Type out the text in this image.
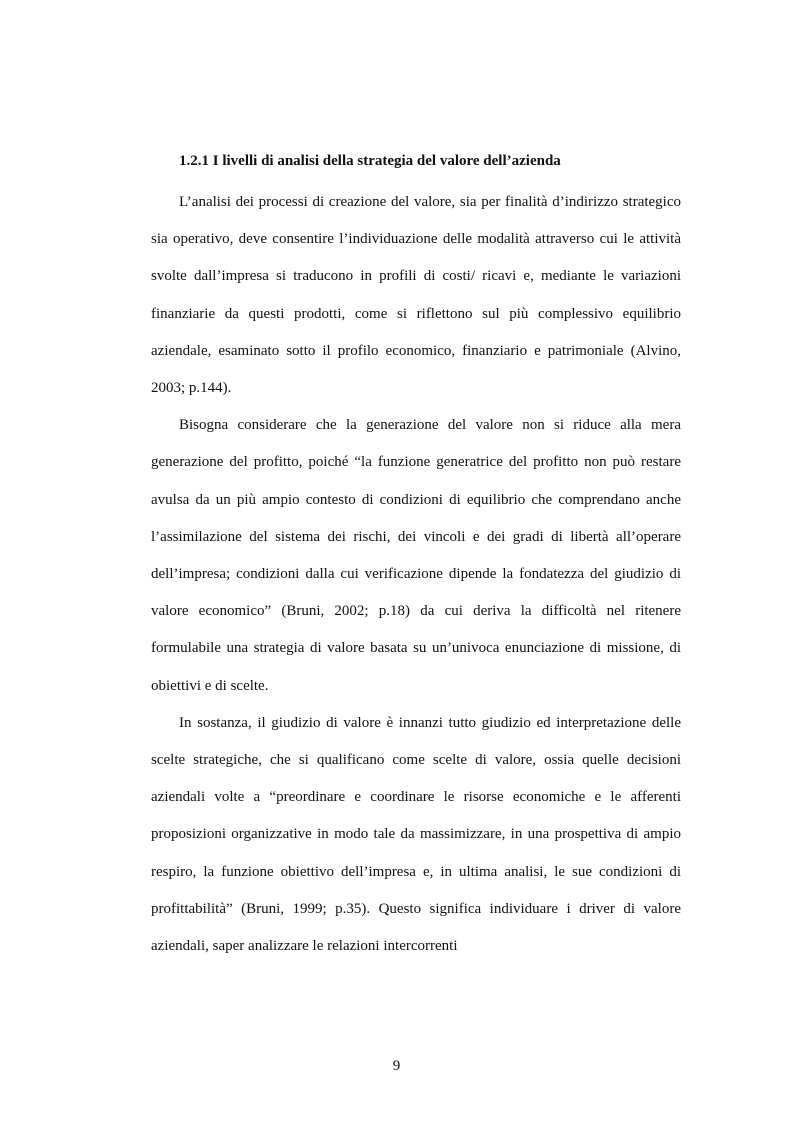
1.2.1 I livelli di analisi della strategia del valore dell’azienda

L’analisi dei processi di creazione del valore, sia per finalità d’indirizzo strategico sia operativo, deve consentire l’individuazione delle modalità attraverso cui le attività svolte dall’impresa si traducono in profili di costi/ ricavi e, mediante le variazioni finanziarie da questi prodotti, come si riflettono sul più complessivo equilibrio aziendale, esaminato sotto il profilo economico, finanziario e patrimoniale (Alvino, 2003; p.144).

Bisogna considerare che la generazione del valore non si riduce alla mera generazione del profitto, poiché “la funzione generatrice del profitto non può restare avulsa da un più ampio contesto di condizioni di equilibrio che comprendano anche l’assimilazione del sistema dei rischi, dei vincoli e dei gradi di libertà all’operare dell’impresa; condizioni dalla cui verificazione dipende la fondatezza del giudizio di valore economico” (Bruni, 2002; p.18) da cui deriva la difficoltà nel ritenere formulabile una strategia di valore basata su un’univoca enunciazione di missione, di obiettivi e di scelte.

In sostanza, il giudizio di valore è innanzi tutto giudizio ed interpretazione delle scelte strategiche, che si qualificano come scelte di valore, ossia quelle decisioni aziendali volte a “preordinare e coordinare le risorse economiche e le afferenti proposizioni organizzative in modo tale da massimizzare, in una prospettiva di ampio respiro, la funzione obiettivo dell’impresa e, in ultima analisi, le sue condizioni di profittabilità” (Bruni, 1999; p.35). Questo significa individuare i driver di valore aziendali, saper analizzare le relazioni intercorrenti

9
